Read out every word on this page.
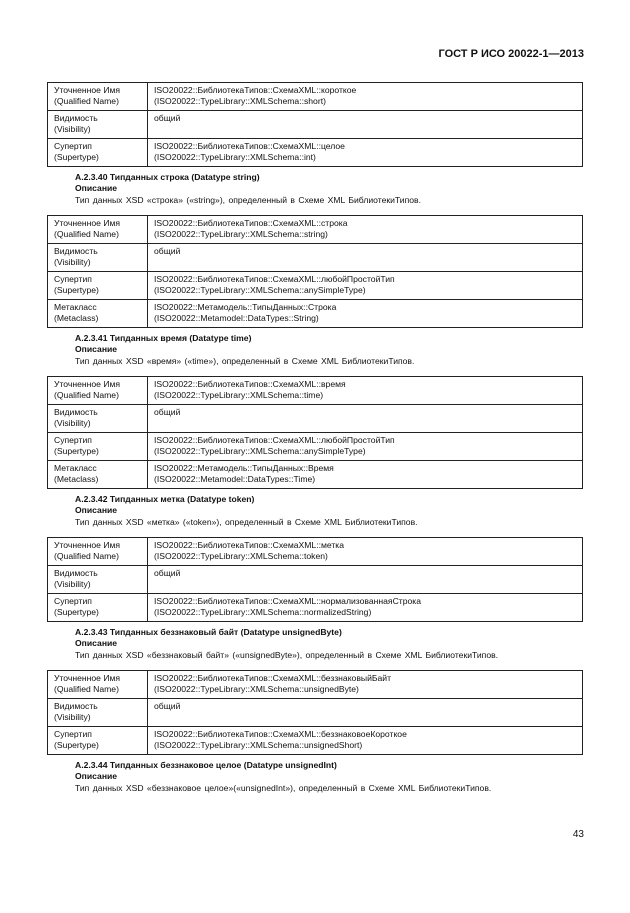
ГОСТ Р ИСО 20022-1—2013
Уточненное Имя
(Qualified Name)	ISO20022::БиблиотекаТипов::СхемаXML::короткое
(ISO20022::TypeLibrary::XMLSchema::short)

Видимость
(Visibility)	общий

Супертип
(Supertype)	ISO20022::БиблиотекаТипов::СхемаXML::целое
(ISO20022::TypeLibrary::XMLSchema::int)
А.2.3.40 Типданных строка (Datatype string)
Описание
Тип данных XSD «строка» («string»), определенный в Схеме XML БиблиотекиТипов.
Уточненное Имя
(Qualified Name)	ISO20022::БиблиотекаТипов::СхемаXML::строка
(ISO20022::TypeLibrary::XMLSchema::string)

Видимость
(Visibility)	общий

Супертип
(Supertype)	ISO20022::БиблиотекаТипов::СхемаXML::любойПростойТип
(ISO20022::TypeLibrary::XMLSchema::anySimpleType)

Метакласс
(Metaclass)	ISO20022::Метамодель::ТипыДанных::Строка
(ISO20022::Metamodel::DataTypes::String)
А.2.3.41 Типданных время (Datatype time)
Описание
Тип данных XSD «время» («time»), определенный в Схеме XML БиблиотекиТипов.
Уточненное Имя
(Qualified Name)	ISO20022::БиблиотекаТипов::СхемаXML::время
(ISO20022::TypeLibrary::XMLSchema::time)

Видимость
(Visibility)	общий

Супертип
(Supertype)	ISO20022::БиблиотекаТипов::СхемаXML::любойПростойТип
(ISO20022::TypeLibrary::XMLSchema::anySimpleType)

Метакласс
(Metaclass)	ISO20022::Метамодель::ТипыДанных::Время
(ISO20022::Metamodel::DataTypes::Time)
А.2.3.42 Типданных метка (Datatype token)
Описание
Тип данных XSD «метка» («token»), определенный в Схеме XML БиблиотекиТипов.
Уточненное Имя
(Qualified Name)	ISO20022::БиблиотекаТипов::СхемаXML::метка
(ISO20022::TypeLibrary::XMLSchema::token)

Видимость
(Visibility)	общий

Супертип
(Supertype)	ISO20022::БиблиотекаТипов::СхемаXML::нормализованнаяСтрока
(ISO20022::TypeLibrary::XMLSchema::normalizedString)
А.2.3.43 Типданных беззнаковый байт (Datatype unsignedByte)
Описание
Тип данных XSD «беззнаковый байт» («unsignedByte»), определенный в Схеме XML БиблиотекиТипов.
Уточненное Имя
(Qualified Name)	ISO20022::БиблиотекаТипов::СхемаXML::беззнаковыйБайт
(ISO20022::TypeLibrary::XMLSchema::unsignedByte)

Видимость
(Visibility)	общий

Супертип
(Supertype)	ISO20022::БиблиотекаТипов::СхемаXML::беззнаковоеКороткое
(ISO20022::TypeLibrary::XMLSchema::unsignedShort)
А.2.3.44 Типданных беззнаковое целое (Datatype unsignedInt)
Описание
Тип данных XSD «беззнаковое целое»(«unsignedInt»), определенный в Схеме XML БиблиотекиТипов.
43
